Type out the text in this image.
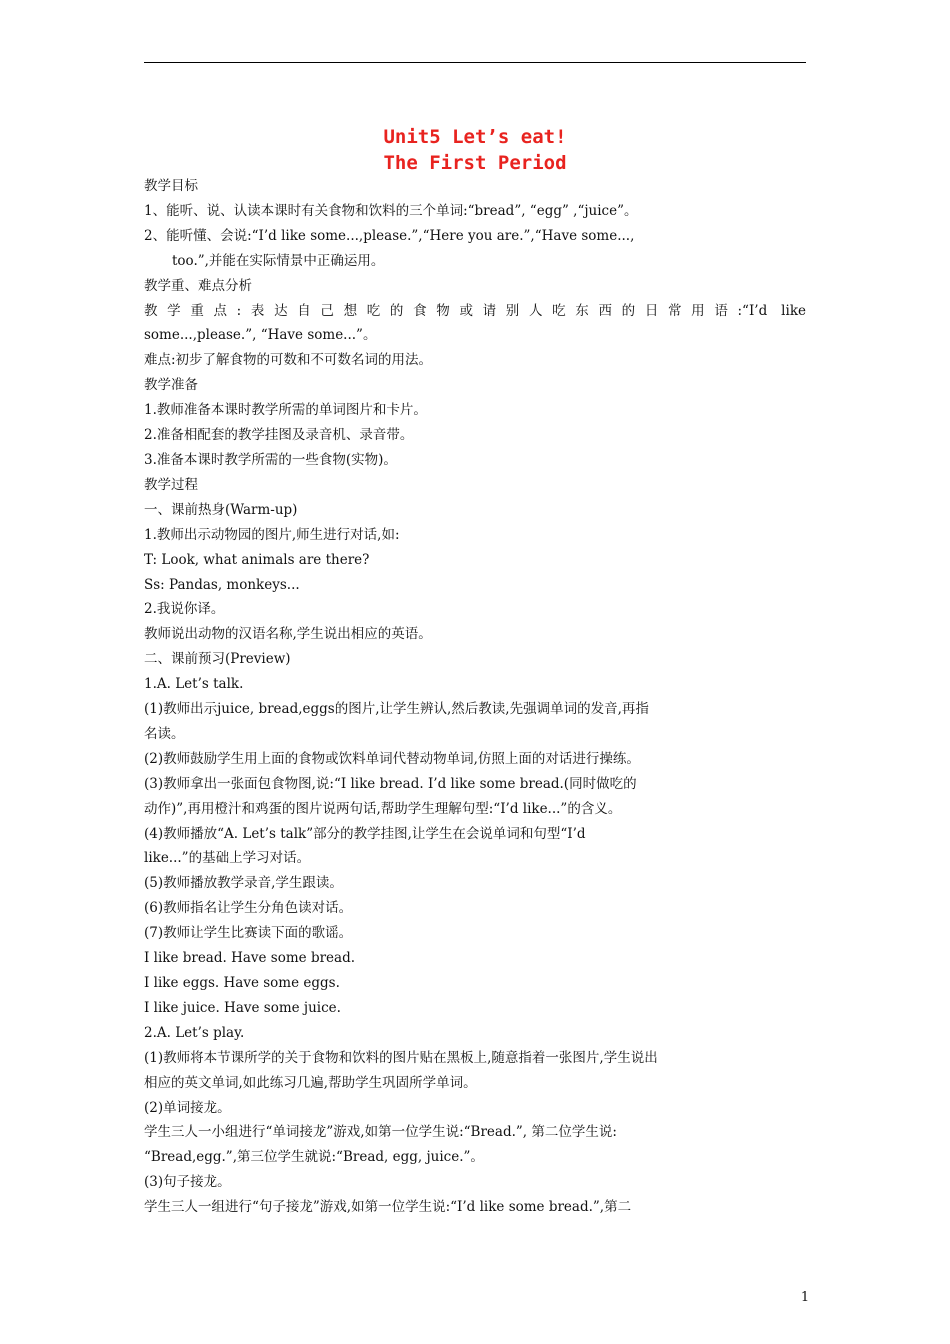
Unit5 Let’s eat!
The First Period
教学目标
1、能听、说、认读本课时有关食物和饮料的三个单词:“bread”, “egg” ,“juice”。
2、能听懂、会说:“I’d like some...,please.”,“Here you are.”,“Have some...,
too.”,并能在实际情景中正确运用。
教学重、难点分析
教学重点:表达自己想吃的食物或请别人吃东西的日常用语:“I’d like
some...,please.”, “Have some...”。
难点:初步了解食物的可数和不可数名词的用法。
教学准备
1.教师准备本课时教学所需的单词图片和卡片。
2.准备相配套的教学挂图及录音机、录音带。
3.准备本课时教学所需的一些食物(实物)。
教学过程
一、课前热身(Warm-up)
1.教师出示动物园的图片,师生进行对话,如:
T: Look, what animals are there?
Ss: Pandas, monkeys...
2.我说你译。
教师说出动物的汉语名称,学生说出相应的英语。
二、课前预习(Preview)
1.A. Let’s talk.
(1)教师出示juice, bread,eggs的图片,让学生辨认,然后教读,先强调单词的发音,再指
名读。
(2)教师鼓励学生用上面的食物或饮料单词代替动物单词,仿照上面的对话进行操练。
(3)教师拿出一张面包食物图,说:“I like bread. I’d like some bread.(同时做吃的
动作)”,再用橙汁和鸡蛋的图片说两句话,帮助学生理解句型:“I’d like...”的含义。
(4)教师播放“A. Let’s talk”部分的教学挂图,让学生在会说单词和句型“I’d
like...”的基础上学习对话。
(5)教师播放教学录音,学生跟读。
(6)教师指名让学生分角色读对话。
(7)教师让学生比赛读下面的歌谣。
I like bread. Have some bread.
I like eggs. Have some eggs.
I like juice. Have some juice.
2.A. Let’s play.
(1)教师将本节课所学的关于食物和饮料的图片贴在黑板上,随意指着一张图片,学生说出
相应的英文单词,如此练习几遍,帮助学生巩固所学单词。
(2)单词接龙。
学生三人一小组进行“单词接龙”游戏,如第一位学生说:“Bread.”, 第二位学生说:
“Bread,egg.”,第三位学生就说:“Bread, egg, juice.”。
(3)句子接龙。
学生三人一组进行“句子接龙”游戏,如第一位学生说:“I’d like some bread.”,第二
1
